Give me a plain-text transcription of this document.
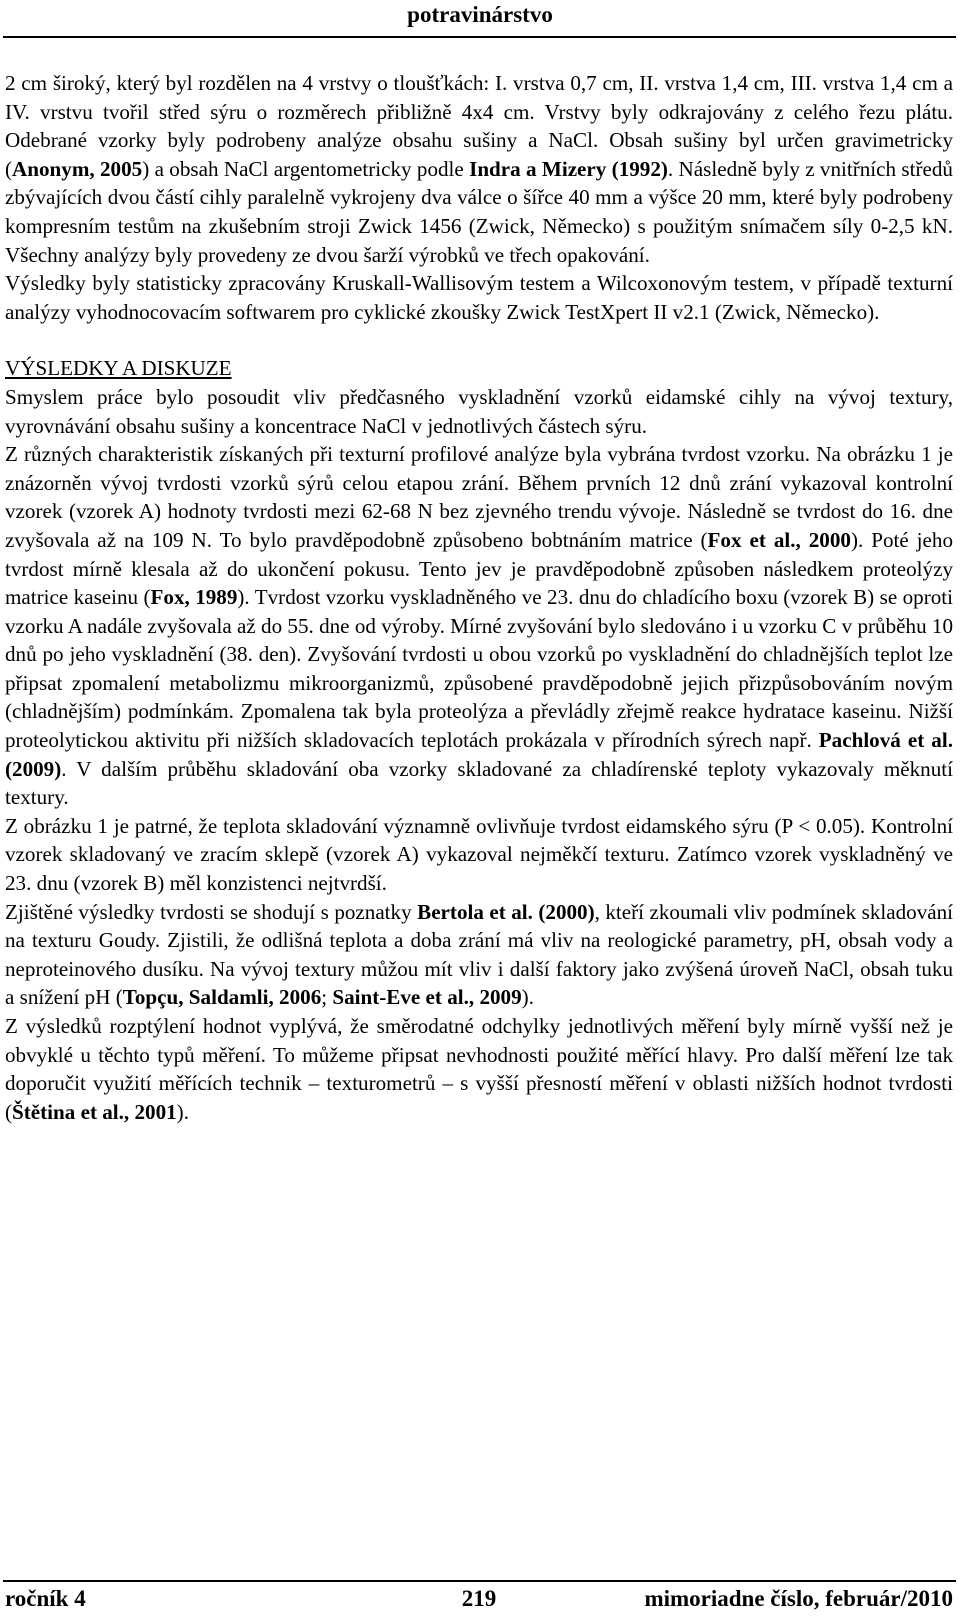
potravinárstvo

2 cm široký, který byl rozdělen na 4 vrstvy o tloušťkách: I. vrstva 0,7 cm, II. vrstva 1,4 cm, III. vrstva 1,4 cm a IV. vrstvu tvořil střed sýru o rozměrech přibližně 4x4 cm. Vrstvy byly odkrajovány z celého řezu plátu. Odebrané vzorky byly podrobeny analýze obsahu sušiny a NaCl. Obsah sušiny byl určen gravimetricky (Anonym, 2005) a obsah NaCl argentometricky podle Indra a Mizery (1992). Následně byly z vnitřních středů zbývajících dvou částí cihly paralelně vykrojeny dva válce o šířce 40 mm a výšce 20 mm, které byly podrobeny kompresním testům na zkušebním stroji Zwick 1456 (Zwick, Německo) s použitým snímačem síly 0-2,5 kN. Všechny analýzy byly provedeny ze dvou šarží výrobků ve třech opakování.

Výsledky byly statisticky zpracovány Kruskall-Wallisovým testem a Wilcoxonovým testem, v případě texturní analýzy vyhodnocovacím softwarem pro cyklické zkoušky Zwick TestXpert II v2.1 (Zwick, Německo).

VÝSLEDKY A DISKUZE

Smyslem práce bylo posoudit vliv předčasného vyskladnění vzorků eidamské cihly na vývoj textury, vyrovnávání obsahu sušiny a koncentrace NaCl v jednotlivých částech sýru.

Z různých charakteristik získaných při texturní profilové analýze byla vybrána tvrdost vzorku. Na obrázku 1 je znázorněn vývoj tvrdosti vzorků sýrů celou etapou zrání. Během prvních 12 dnů zrání vykazoval kontrolní vzorek (vzorek A) hodnoty tvrdosti mezi 62-68 N bez zjevného trendu vývoje. Následně se tvrdost do 16. dne zvyšovala až na 109 N. To bylo pravděpodobně způsobeno bobtnáním matrice (Fox et al., 2000). Poté jeho tvrdost mírně klesala až do ukončení pokusu. Tento jev je pravděpodobně způsoben následkem proteolýzy matrice kaseinu (Fox, 1989). Tvrdost vzorku vyskladněného ve 23. dnu do chladícího boxu (vzorek B) se oproti vzorku A nadále zvyšovala až do 55. dne od výroby. Mírné zvyšování bylo sledováno i u vzorku C v průběhu 10 dnů po jeho vyskladnění (38. den). Zvyšování tvrdosti u obou vzorků po vyskladnění do chladnějších teplot lze připsat zpomalení metabolizmu mikroorganizmů, způsobené pravděpodobně jejich přizpůsobováním novým (chladnějším) podmínkám. Zpomalena tak byla proteolýza a převládly zřejmě reakce hydratace kaseinu. Nižší proteolytickou aktivitu při nižších skladovacích teplotách prokázala v přírodních sýrech např. Pachlová et al. (2009). V dalším průběhu skladování oba vzorky skladované za chladírenské teploty vykazovaly měknutí textury.

Z obrázku 1 je patrné, že teplota skladování významně ovlivňuje tvrdost eidamského sýru (P < 0.05). Kontrolní vzorek skladovaný ve zracím sklepě (vzorek A) vykazoval nejměkčí texturu. Zatímco vzorek vyskladněný ve 23. dnu (vzorek B) měl konzistenci nejtvrdší.

Zjištěné výsledky tvrdosti se shodují s poznatky Bertola et al. (2000), kteří zkoumali vliv podmínek skladování na texturu Goudy. Zjistili, že odlišná teplota a doba zrání má vliv na reologické parametry, pH, obsah vody a neproteinového dusíku. Na vývoj textury můžou mít vliv i další faktory jako zvýšená úroveň NaCl, obsah tuku a snížení pH (Topçu, Saldamli, 2006; Saint-Eve et al., 2009).

Z výsledků rozptýlení hodnot vyplývá, že směrodatné odchylky jednotlivých měření byly mírně vyšší než je obvyklé u těchto typů měření. To můžeme připsat nevhodnosti použité měřící hlavy. Pro další měření lze tak doporučit využití měřících technik – texturometrů – s vyšší přesností měření v oblasti nižších hodnot tvrdosti (Štětina et al., 2001).

ročník 4	219	mimoriadne číslo, február/2010
